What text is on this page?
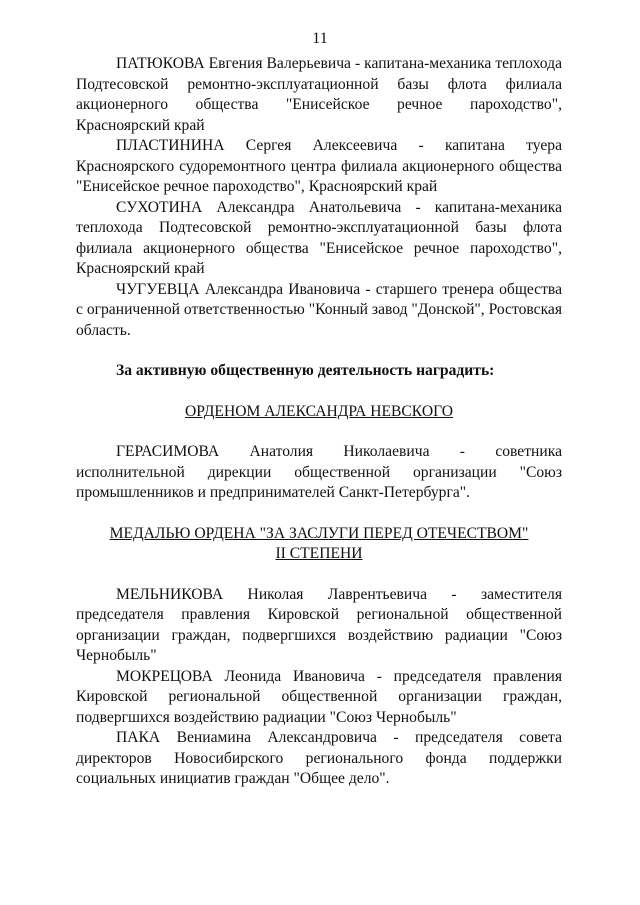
11

ПАТЮКОВА Евгения Валерьевича - капитана-механика теплохода Подтесовской ремонтно-эксплуатационной базы флота филиала акционерного общества "Енисейское речное пароходство", Красноярский край

ПЛАСТИНИНА Сергея Алексеевича - капитана туера Красноярского судоремонтного центра филиала акционерного общества "Енисейское речное пароходство", Красноярский край

СУХОТИНА Александра Анатольевича - капитана-механика теплохода Подтесовской ремонтно-эксплуатационной базы флота филиала акционерного общества "Енисейское речное пароходство", Красноярский край

ЧУГУЕВЦА Александра Ивановича - старшего тренера общества с ограниченной ответственностью "Конный завод "Донской", Ростовская область.

За активную общественную деятельность наградить:

ОРДЕНОМ АЛЕКСАНДРА НЕВСКОГО

ГЕРАСИМОВА Анатолия Николаевича - советника исполнительной дирекции общественной организации "Союз промышленников и предпринимателей Санкт-Петербурга".

МЕДАЛЬЮ ОРДЕНА "ЗА ЗАСЛУГИ ПЕРЕД ОТЕЧЕСТВОМ"

II СТЕПЕНИ

МЕЛЬНИКОВА Николая Лаврентьевича - заместителя председателя правления Кировской региональной общественной организации граждан, подвергшихся воздействию радиации "Союз Чернобыль"

МОКРЕЦОВА Леонида Ивановича - председателя правления Кировской региональной общественной организации граждан, подвергшихся воздействию радиации "Союз Чернобыль"

ПАКА Вениамина Александровича - председателя совета директоров Новосибирского регионального фонда поддержки социальных инициатив граждан "Общее дело".
